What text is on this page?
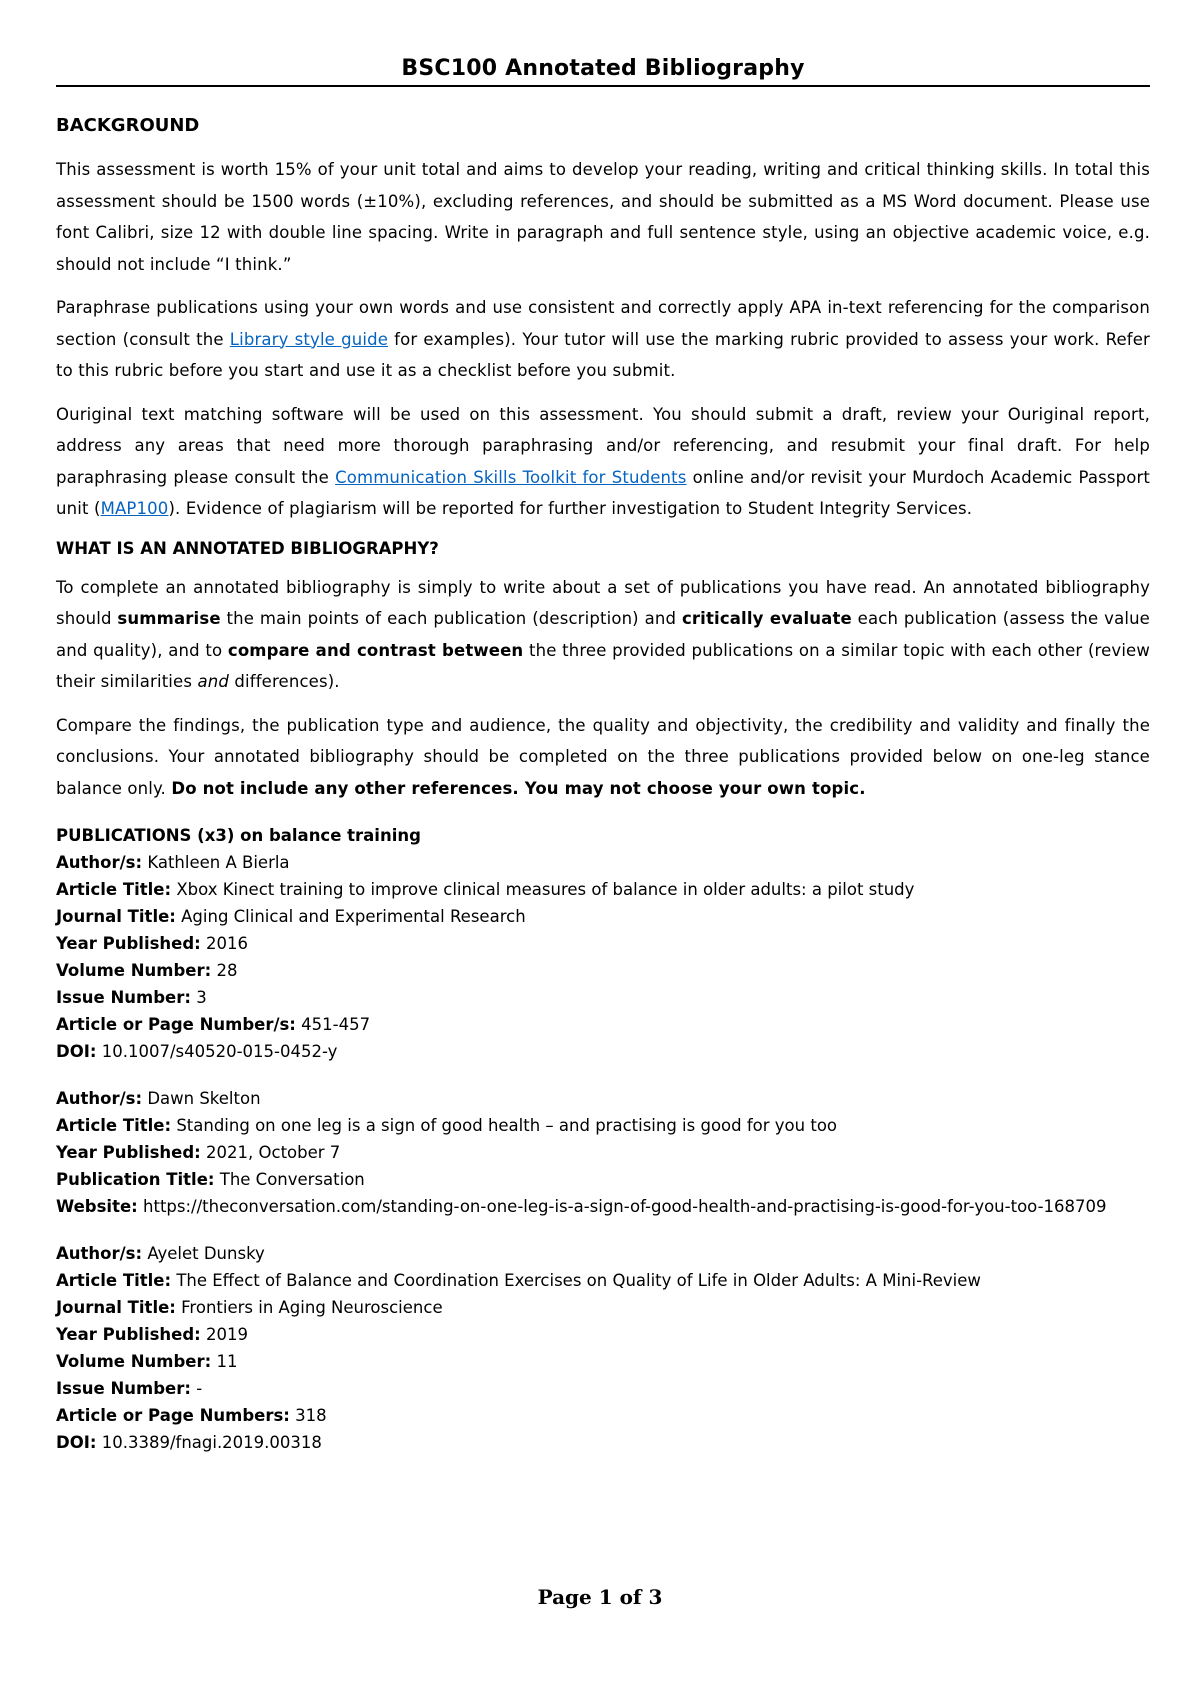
BSC100 Annotated Bibliography
BACKGROUND

This assessment is worth 15% of your unit total and aims to develop your reading, writing and critical thinking skills. In total this assessment should be 1500 words (±10%), excluding references, and should be submitted as a MS Word document. Please use font Calibri, size 12 with double line spacing. Write in paragraph and full sentence style, using an objective academic voice, e.g. should not include “I think.”

Paraphrase publications using your own words and use consistent and correctly apply APA in-text referencing for the comparison section (consult the Library style guide for examples). Your tutor will use the marking rubric provided to assess your work. Refer to this rubric before you start and use it as a checklist before you submit.

Ouriginal text matching software will be used on this assessment. You should submit a draft, review your Ouriginal report, address any areas that need more thorough paraphrasing and/or referencing, and resubmit your final draft. For help paraphrasing please consult the Communication Skills Toolkit for Students online and/or revisit your Murdoch Academic Passport unit (MAP100). Evidence of plagiarism will be reported for further investigation to Student Integrity Services.

WHAT IS AN ANNOTATED BIBLIOGRAPHY?

To complete an annotated bibliography is simply to write about a set of publications you have read. An annotated bibliography should summarise the main points of each publication (description) and critically evaluate each publication (assess the value and quality), and to compare and contrast between the three provided publications on a similar topic with each other (review their similarities and differences).

Compare the findings, the publication type and audience, the quality and objectivity, the credibility and validity and finally the conclusions. Your annotated bibliography should be completed on the three publications provided below on one-leg stance balance only. Do not include any other references. You may not choose your own topic.

PUBLICATIONS (x3) on balance training
Author/s: Kathleen A Bierla
Article Title: Xbox Kinect training to improve clinical measures of balance in older adults: a pilot study
Journal Title: Aging Clinical and Experimental Research
Year Published: 2016
Volume Number: 28
Issue Number: 3
Article or Page Number/s: 451-457
DOI: 10.1007/s40520-015-0452-y
Author/s: Dawn Skelton
Article Title: Standing on one leg is a sign of good health – and practising is good for you too
Year Published: 2021, October 7
Publication Title: The Conversation
Website: https://theconversation.com/standing-on-one-leg-is-a-sign-of-good-health-and-practising-is-good-for-you-too-168709
Author/s: Ayelet Dunsky
Article Title: The Effect of Balance and Coordination Exercises on Quality of Life in Older Adults: A Mini-Review
Journal Title: Frontiers in Aging Neuroscience
Year Published: 2019
Volume Number: 11
Issue Number: -
Article or Page Numbers: 318
DOI: 10.3389/fnagi.2019.00318
Page 1 of 3
